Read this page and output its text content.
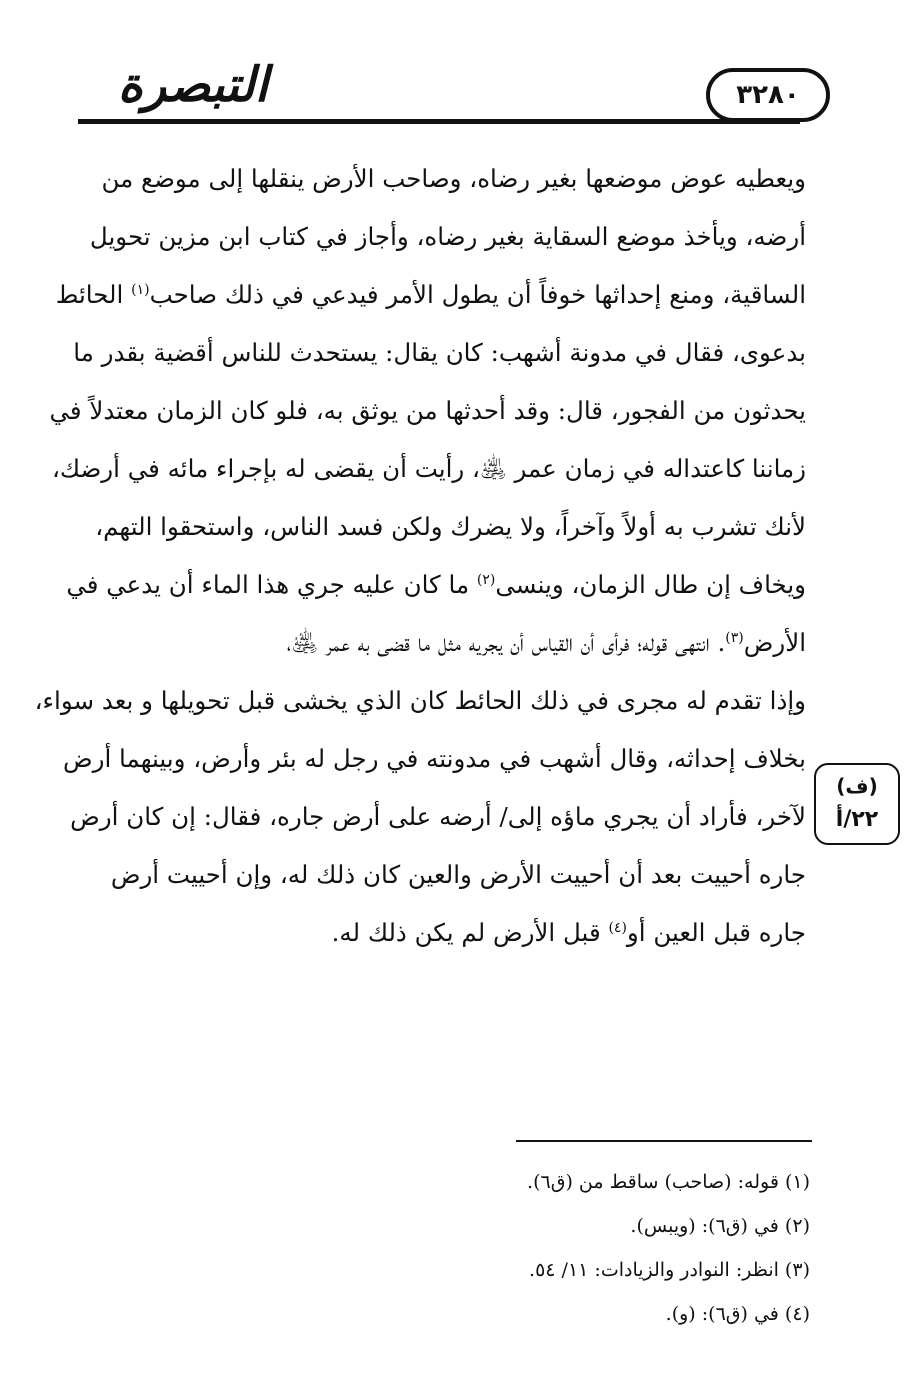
التبصرة	٣٢٨٠
ويعطيه عوض موضعها بغير رضاه، وصاحب الأرض ينقلها إلى موضع من
أرضه، ويأخذ موضع السقاية بغير رضاه، وأجاز في كتاب ابن مزين تحويل
الساقية، ومنع إحداثها خوفاً أن يطول الأمر فيدعي في ذلك صاحب$^{(١)}$ الحائط
بدعوى، فقال في مدونة أشهب: كان يقال: يستحدث للناس أقضية بقدر ما
يحدثون من الفجور، قال: وقد أحدثها من يوثق به، فلو كان الزمان معتدلاً في
زماننا كاعتداله في زمان عمر ﵁، رأيت أن يقضى له بإجراء مائه في أرضك،
لأنك تشرب به أولاً وآخراً، ولا يضرك ولكن فسد الناس، واستحقوا التهم،
ويخاف إن طال الزمان، وينسى$^{(٢)}$ ما كان عليه جري هذا الماء أن يدعي في
الأرض$^{(٣)}$. انتهى قوله؛ فرأى أن القياس أن يجريه مثل ما قضى به عمر ﵁،
وإذا تقدم له مجرى في ذلك الحائط كان الذي يخشى قبل تحويلها و بعد سواء،
بخلاف إحداثه، وقال أشهب في مدونته في رجل له بئر وأرض، وبينهما أرض
لآخر، فأراد أن يجري ماؤه إلى/ أرضه على أرض جاره، فقال: إن كان أرض
جاره أحييت بعد أن أحييت الأرض والعين كان ذلك له، وإن أحييت أرض
جاره قبل العين أو$^{(٤)}$ قبل الأرض لم يكن ذلك له.
(ف)
٢٢/أ
(١) قوله: (صاحب) ساقط من (ق٦).
(٢) في (ق٦): (ويبس).
(٣) انظر: النوادر والزيادات: ١١/ ٥٤.
(٤) في (ق٦): (و).
